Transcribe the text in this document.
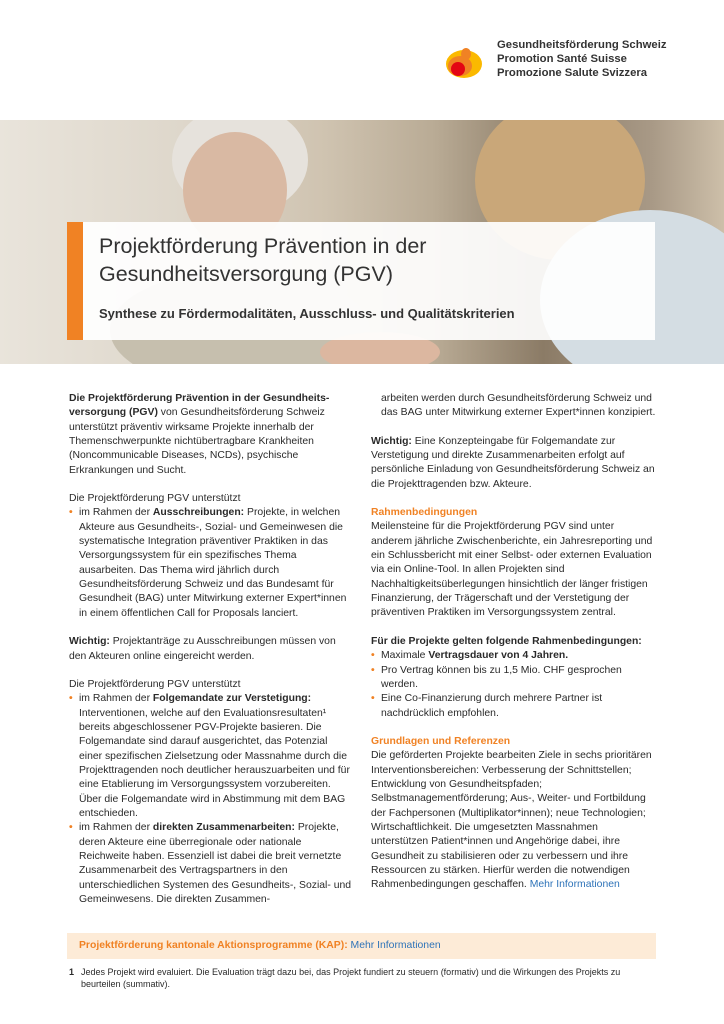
Gesundheitsförderung Schweiz
Promotion Santé Suisse
Promozione Salute Svizzera
Projektförderung Prävention in der Gesundheitsversorgung (PGV)
Synthese zu Fördermodalitäten, Ausschluss- und Qualitätskriterien

Die Projektförderung Prävention in der Gesundheits-versorgung (PGV) von Gesundheitsförderung Schweiz unterstützt präventiv wirksame Projekte innerhalb der Themenschwerpunkte nichtübertragbare Krankheiten (Noncommunicable Diseases, NCDs), psychische Erkrankungen und Sucht.

Die Projektförderung PGV unterstützt
• im Rahmen der Ausschreibungen: Projekte, in welchen Akteure aus Gesundheits-, Sozial- und Gemeinwesen die systematische Integration präventiver Praktiken in das Versorgungssystem für ein spezifisches Thema ausarbeiten. Das Thema wird jährlich durch Gesundheitsförderung Schweiz und das Bundesamt für Gesundheit (BAG) unter Mitwirkung externer Expert*innen in einem öffentlichen Call for Proposals lanciert.

Wichtig: Projektanträge zu Ausschreibungen müssen von den Akteuren online eingereicht werden.

Die Projektförderung PGV unterstützt
• im Rahmen der Folgemandate zur Verstetigung: Interventionen, welche auf den Evaluationsresultaten¹ bereits abgeschlossener PGV-Projekte basieren. Die Folgemandate sind darauf ausgerichtet, das Potenzial einer spezifischen Zielsetzung oder Massnahme durch die Projekttragenden noch deutlicher herauszuarbeiten und für eine Etablierung im Versorgungssystem vorzubereiten. Über die Folgemandate wird in Abstimmung mit dem BAG entschieden.
• im Rahmen der direkten Zusammenarbeiten: Projekte, deren Akteure eine überregionale oder nationale Reichweite haben. Essenziell ist dabei die breit vernetzte Zusammenarbeit des Vertragspartners in den unterschiedlichen Systemen des Gesundheits-, Sozial- und Gemeinwesens. Die direkten Zusammen-

arbeiten werden durch Gesundheitsförderung Schweiz und das BAG unter Mitwirkung externer Expert*innen konzipiert.

Wichtig: Eine Konzepteingabe für Folgemandate zur Verstetigung und direkte Zusammenarbeiten erfolgt auf persönliche Einladung von Gesundheitsförderung Schweiz an die Projekttragenden bzw. Akteure.

Rahmenbedingungen

Meilensteine für die Projektförderung PGV sind unter anderem jährliche Zwischenberichte, ein Jahresreporting und ein Schlussbericht mit einer Selbst- oder externen Evaluation via ein Online-Tool. In allen Projekten sind Nachhaltigkeitsüberlegungen hinsichtlich der länger fristigen Finanzierung, der Trägerschaft und der Verstetigung der präventiven Praktiken im Versorgungssystem zentral.

Für die Projekte gelten folgende Rahmenbedingungen:
• Maximale Vertragsdauer von 4 Jahren.
• Pro Vertrag können bis zu 1,5 Mio. CHF gesprochen werden.
• Eine Co-Finanzierung durch mehrere Partner ist nachdrücklich empfohlen.
Grundlagen und Referenzen

Die geförderten Projekte bearbeiten Ziele in sechs prioritären Interventionsbereichen: Verbesserung der Schnittstellen; Entwicklung von Gesundheitspfaden; Selbstmanagementförderung; Aus-, Weiter- und Fortbildung der Fachpersonen (Multiplikator*innen); neue Technologien; Wirtschaftlichkeit. Die umgesetzten Massnahmen unterstützen Patient*innen und Angehörige dabei, ihre Gesundheit zu stabilisieren oder zu verbessern und ihre Ressourcen zu stärken. Hierfür werden die notwendigen Rahmenbedingungen geschaffen. Mehr Informationen

Projektförderung kantonale Aktionsprogramme (KAP): Mehr Informationen
1 Jedes Projekt wird evaluiert. Die Evaluation trägt dazu bei, das Projekt fundiert zu steuern (formativ) und die Wirkungen des Projekts zu beurteilen (summativ).
